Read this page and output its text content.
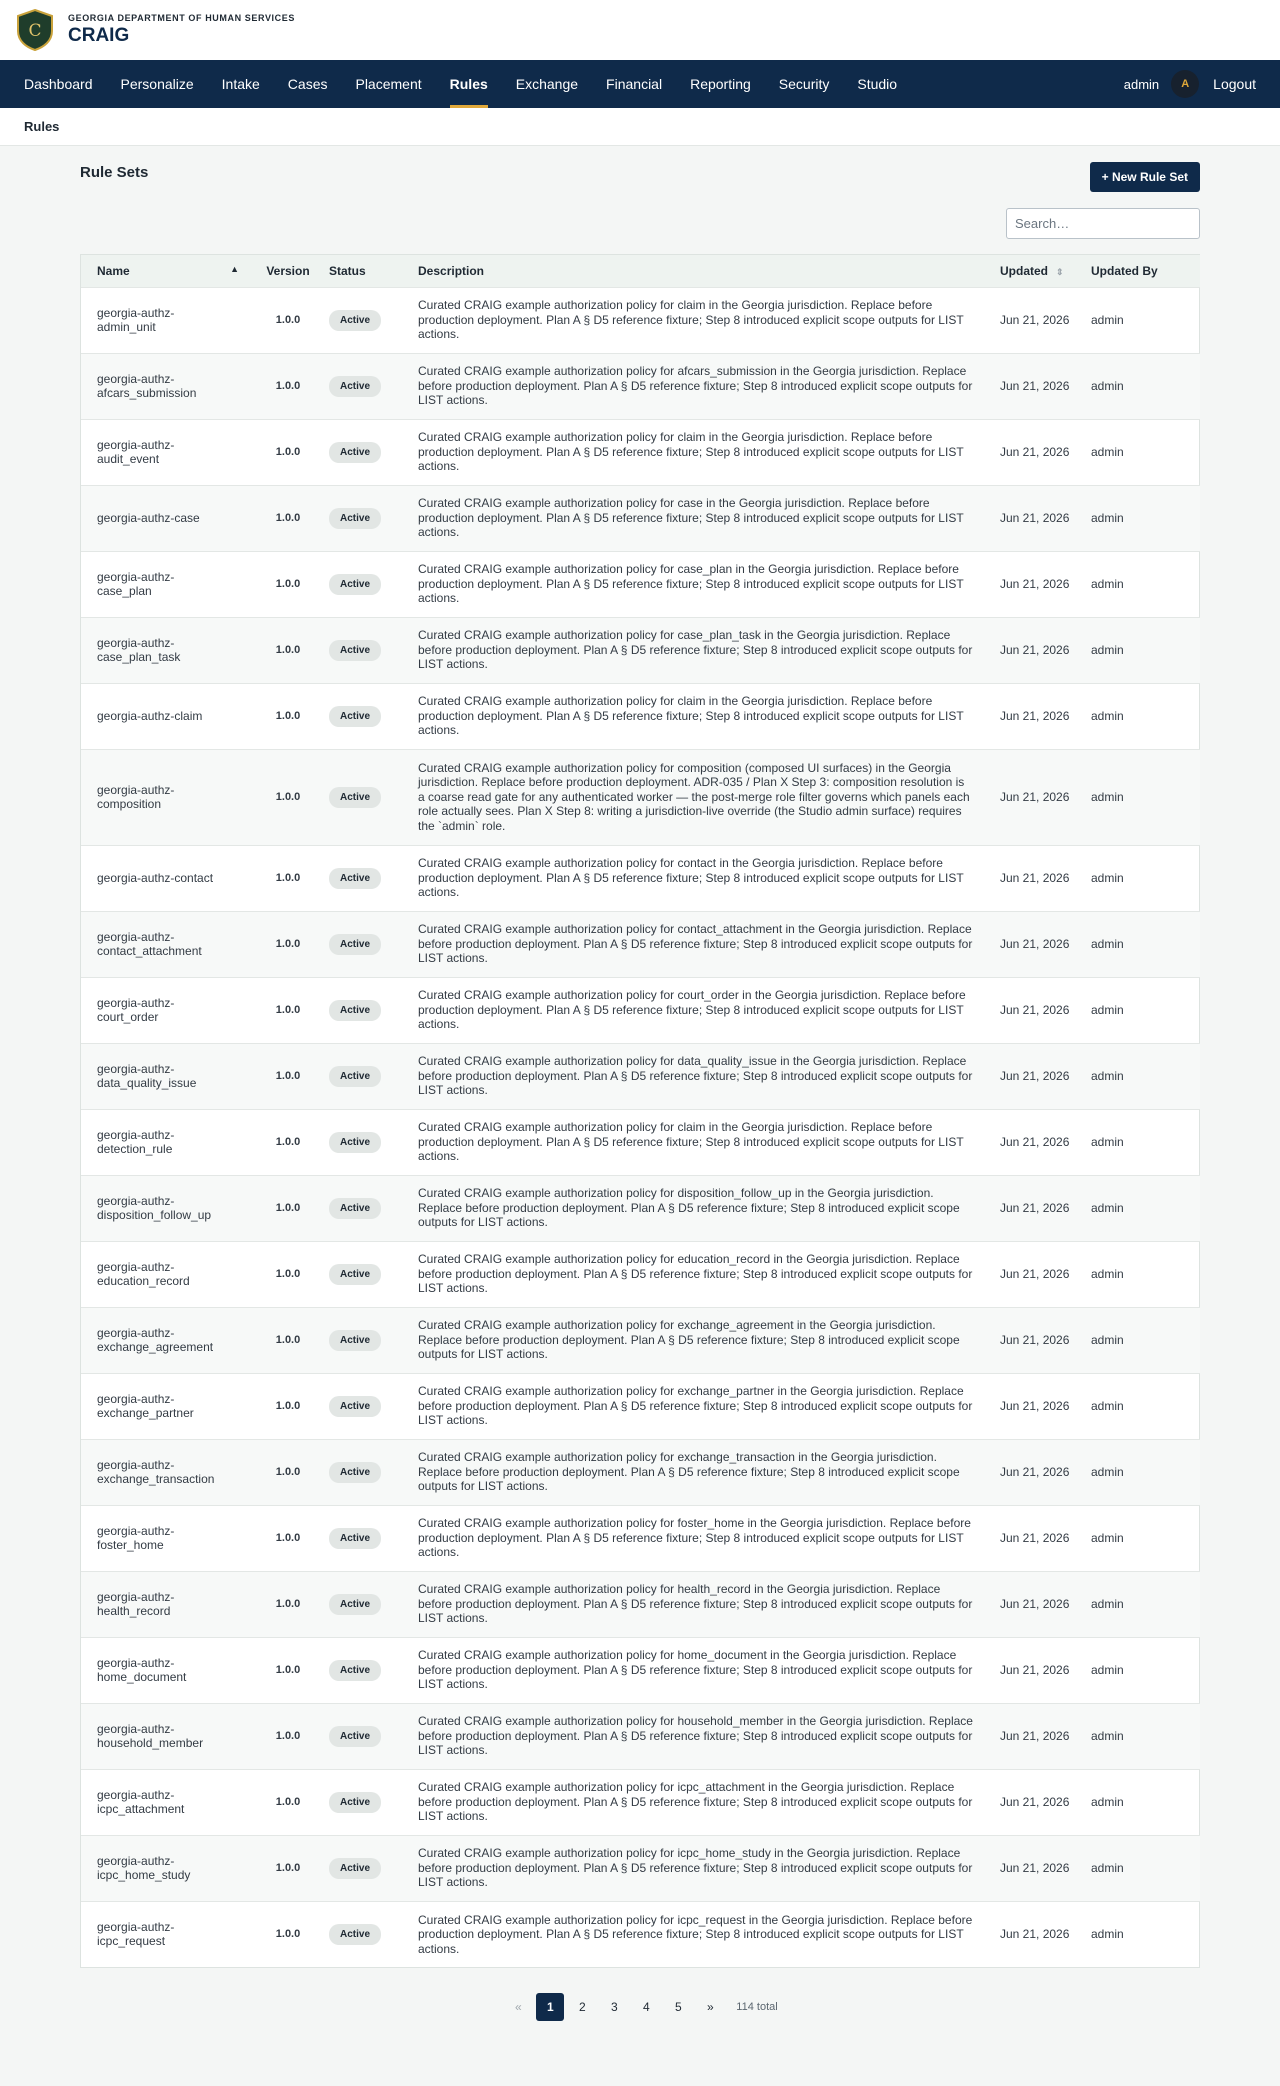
C
GEORGIA DEPARTMENT OF HUMAN SERVICES
CRAIG
Dashboard	Personalize	Intake	Cases	Placement	Rules	Exchange	Financial	Reporting	Security	Studio	admin	A	Logout
Rules
Rule Sets	+ New Rule Set
Search…
Name ▲	Version	Status	Description	Updated ⇕	Updated By
georgia-authz-
admin_unit	1.0.0	Active	Curated CRAIG example authorization policy for claim in the Georgia jurisdiction. Replace before production deployment. Plan A § D5 reference fixture; Step 8 introduced explicit scope outputs for LIST actions.	Jun 21, 2026	admin
georgia-authz-
afcars_submission	1.0.0	Active	Curated CRAIG example authorization policy for afcars_submission in the Georgia jurisdiction. Replace before production deployment. Plan A § D5 reference fixture; Step 8 introduced explicit scope outputs for LIST actions.	Jun 21, 2026	admin
georgia-authz-
audit_event	1.0.0	Active	Curated CRAIG example authorization policy for claim in the Georgia jurisdiction. Replace before production deployment. Plan A § D5 reference fixture; Step 8 introduced explicit scope outputs for LIST actions.	Jun 21, 2026	admin
georgia-authz-case	1.0.0	Active	Curated CRAIG example authorization policy for case in the Georgia jurisdiction. Replace before production deployment. Plan A § D5 reference fixture; Step 8 introduced explicit scope outputs for LIST actions.	Jun 21, 2026	admin
georgia-authz-
case_plan	1.0.0	Active	Curated CRAIG example authorization policy for case_plan in the Georgia jurisdiction. Replace before production deployment. Plan A § D5 reference fixture; Step 8 introduced explicit scope outputs for LIST actions.	Jun 21, 2026	admin
georgia-authz-
case_plan_task	1.0.0	Active	Curated CRAIG example authorization policy for case_plan_task in the Georgia jurisdiction. Replace before production deployment. Plan A § D5 reference fixture; Step 8 introduced explicit scope outputs for LIST actions.	Jun 21, 2026	admin
georgia-authz-claim	1.0.0	Active	Curated CRAIG example authorization policy for claim in the Georgia jurisdiction. Replace before production deployment. Plan A § D5 reference fixture; Step 8 introduced explicit scope outputs for LIST actions.	Jun 21, 2026	admin
georgia-authz-
composition	1.0.0	Active	Curated CRAIG example authorization policy for composition (composed UI surfaces) in the Georgia jurisdiction. Replace before production deployment. ADR-035 / Plan X Step 3: composition resolution is a coarse read gate for any authenticated worker — the post-merge role filter governs which panels each role actually sees. Plan X Step 8: writing a jurisdiction-live override (the Studio admin surface) requires the `admin` role.	Jun 21, 2026	admin
georgia-authz-contact	1.0.0	Active	Curated CRAIG example authorization policy for contact in the Georgia jurisdiction. Replace before production deployment. Plan A § D5 reference fixture; Step 8 introduced explicit scope outputs for LIST actions.	Jun 21, 2026	admin
georgia-authz-
contact_attachment	1.0.0	Active	Curated CRAIG example authorization policy for contact_attachment in the Georgia jurisdiction. Replace before production deployment. Plan A § D5 reference fixture; Step 8 introduced explicit scope outputs for LIST actions.	Jun 21, 2026	admin
georgia-authz-
court_order	1.0.0	Active	Curated CRAIG example authorization policy for court_order in the Georgia jurisdiction. Replace before production deployment. Plan A § D5 reference fixture; Step 8 introduced explicit scope outputs for LIST actions.	Jun 21, 2026	admin
georgia-authz-
data_quality_issue	1.0.0	Active	Curated CRAIG example authorization policy for data_quality_issue in the Georgia jurisdiction. Replace before production deployment. Plan A § D5 reference fixture; Step 8 introduced explicit scope outputs for LIST actions.	Jun 21, 2026	admin
georgia-authz-
detection_rule	1.0.0	Active	Curated CRAIG example authorization policy for claim in the Georgia jurisdiction. Replace before production deployment. Plan A § D5 reference fixture; Step 8 introduced explicit scope outputs for LIST actions.	Jun 21, 2026	admin
georgia-authz-
disposition_follow_up	1.0.0	Active	Curated CRAIG example authorization policy for disposition_follow_up in the Georgia jurisdiction. Replace before production deployment. Plan A § D5 reference fixture; Step 8 introduced explicit scope outputs for LIST actions.	Jun 21, 2026	admin
georgia-authz-
education_record	1.0.0	Active	Curated CRAIG example authorization policy for education_record in the Georgia jurisdiction. Replace before production deployment. Plan A § D5 reference fixture; Step 8 introduced explicit scope outputs for LIST actions.	Jun 21, 2026	admin
georgia-authz-
exchange_agreement	1.0.0	Active	Curated CRAIG example authorization policy for exchange_agreement in the Georgia jurisdiction. Replace before production deployment. Plan A § D5 reference fixture; Step 8 introduced explicit scope outputs for LIST actions.	Jun 21, 2026	admin
georgia-authz-
exchange_partner	1.0.0	Active	Curated CRAIG example authorization policy for exchange_partner in the Georgia jurisdiction. Replace before production deployment. Plan A § D5 reference fixture; Step 8 introduced explicit scope outputs for LIST actions.	Jun 21, 2026	admin
georgia-authz-
exchange_transaction	1.0.0	Active	Curated CRAIG example authorization policy for exchange_transaction in the Georgia jurisdiction. Replace before production deployment. Plan A § D5 reference fixture; Step 8 introduced explicit scope outputs for LIST actions.	Jun 21, 2026	admin
georgia-authz-
foster_home	1.0.0	Active	Curated CRAIG example authorization policy for foster_home in the Georgia jurisdiction. Replace before production deployment. Plan A § D5 reference fixture; Step 8 introduced explicit scope outputs for LIST actions.	Jun 21, 2026	admin
georgia-authz-
health_record	1.0.0	Active	Curated CRAIG example authorization policy for health_record in the Georgia jurisdiction. Replace before production deployment. Plan A § D5 reference fixture; Step 8 introduced explicit scope outputs for LIST actions.	Jun 21, 2026	admin
georgia-authz-
home_document	1.0.0	Active	Curated CRAIG example authorization policy for home_document in the Georgia jurisdiction. Replace before production deployment. Plan A § D5 reference fixture; Step 8 introduced explicit scope outputs for LIST actions.	Jun 21, 2026	admin
georgia-authz-
household_member	1.0.0	Active	Curated CRAIG example authorization policy for household_member in the Georgia jurisdiction. Replace before production deployment. Plan A § D5 reference fixture; Step 8 introduced explicit scope outputs for LIST actions.	Jun 21, 2026	admin
georgia-authz-
icpc_attachment	1.0.0	Active	Curated CRAIG example authorization policy for icpc_attachment in the Georgia jurisdiction. Replace before production deployment. Plan A § D5 reference fixture; Step 8 introduced explicit scope outputs for LIST actions.	Jun 21, 2026	admin
georgia-authz-
icpc_home_study	1.0.0	Active	Curated CRAIG example authorization policy for icpc_home_study in the Georgia jurisdiction. Replace before production deployment. Plan A § D5 reference fixture; Step 8 introduced explicit scope outputs for LIST actions.	Jun 21, 2026	admin
georgia-authz-
icpc_request	1.0.0	Active	Curated CRAIG example authorization policy for icpc_request in the Georgia jurisdiction. Replace before production deployment. Plan A § D5 reference fixture; Step 8 introduced explicit scope outputs for LIST actions.	Jun 21, 2026	admin
«	1	2	3	4	5	»	114 total
